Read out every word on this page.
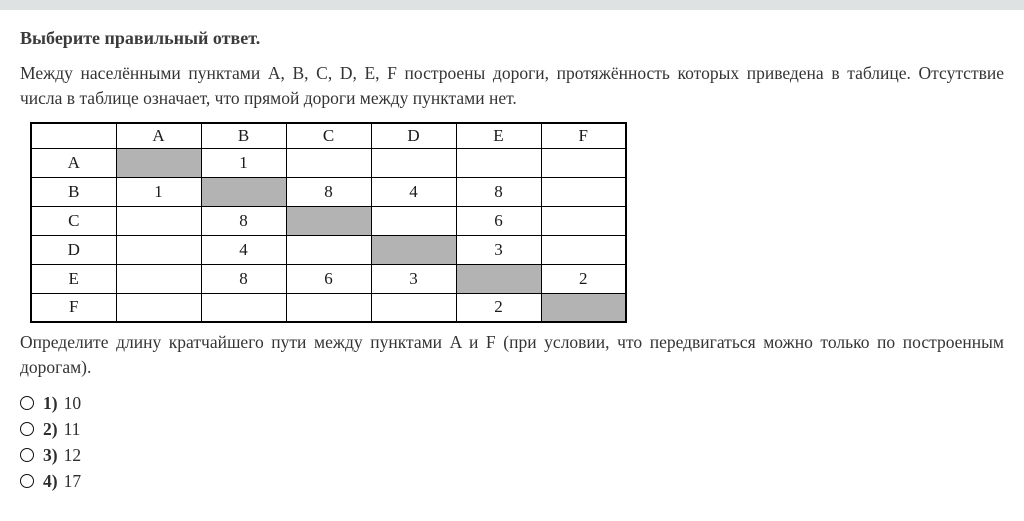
Выберите правильный ответ.

Между населёнными пунктами A, B, C, D, E, F построены дороги, протяжённость которых приведена в таблице. Отсутствие
числа в таблице означает, что прямой дороги между пунктами нет.

	A	B	C	D	E	F
A		1				
B	1		8	4	8	
C		8			6	
D		4			3	
E		8	6	3		2
F					2	

Определите длину кратчайшего пути между пунктами A и F (при условии, что передвигаться можно только по построенным
дорогам).

1) 10
2) 11
3) 12
4) 17
